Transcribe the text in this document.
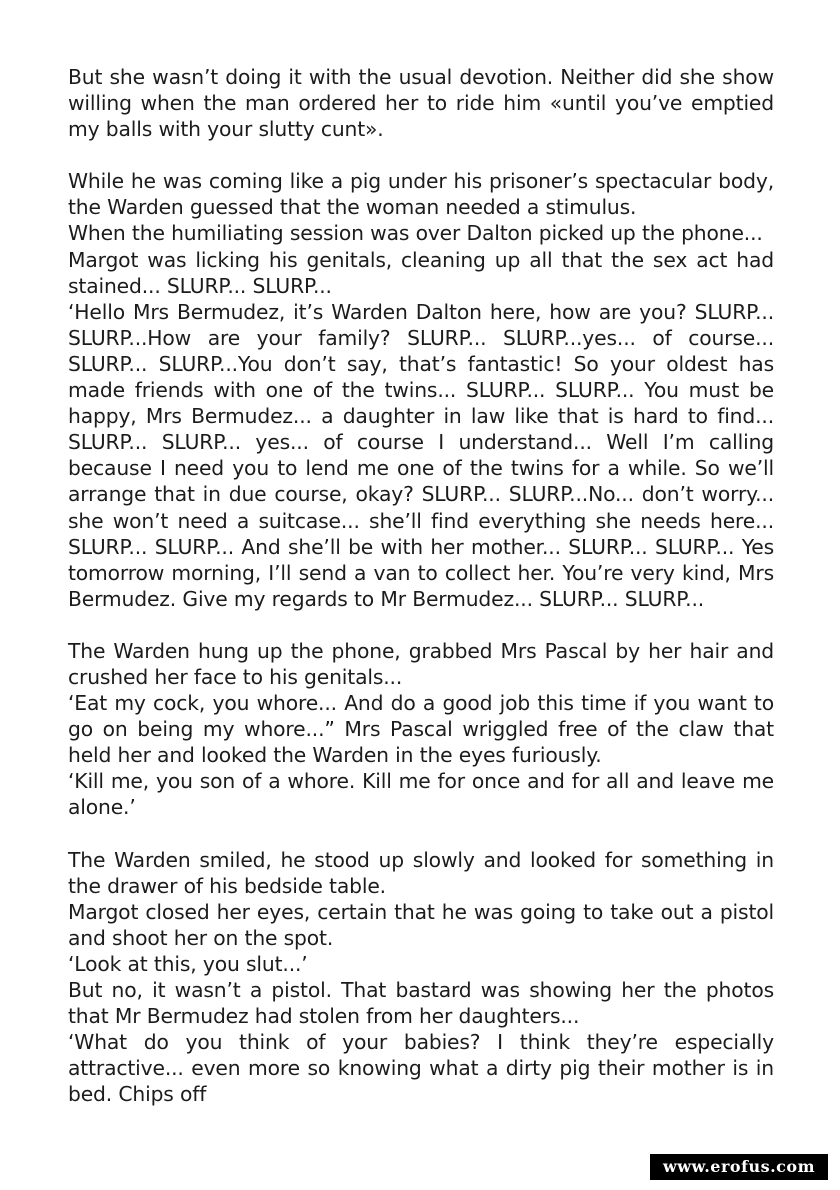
But she wasn’t doing it with the usual devotion. Neither did she show willing when the man ordered her to ride him «until you’ve emptied my balls with your slutty cunt».

While he was coming like a pig under his prisoner’s spectacular body, the Warden guessed that the woman needed a stimulus.

When the humiliating session was over Dalton picked up the phone...

Margot was licking his genitals, cleaning up all that the sex act had stained... SLURP... SLURP...

‘Hello Mrs Bermudez, it’s Warden Dalton here, how are you? SLURP... SLURP...How are your family? SLURP... SLURP...yes... of course... SLURP... SLURP...You don’t say, that’s fantastic! So your oldest has made friends with one of the twins... SLURP... SLURP... You must be happy, Mrs Bermudez... a daughter in law like that is hard to find... SLURP... SLURP... yes... of course I understand... Well I’m calling because I need you to lend me one of the twins for a while. So we’ll arrange that in due course, okay? SLURP... SLURP...No... don’t worry... she won’t need a suitcase... she’ll find everything she needs here... SLURP... SLURP... And she’ll be with her mother... SLURP... SLURP... Yes tomorrow morning, I’ll send a van to collect her. You’re very kind, Mrs Bermudez. Give my regards to Mr Bermudez... SLURP... SLURP...

The Warden hung up the phone, grabbed Mrs Pascal by her hair and crushed her face to his genitals...

‘Eat my cock, you whore... And do a good job this time if you want to go on being my whore...” Mrs Pascal wriggled free of the claw that held her and looked the Warden in the eyes furiously.

‘Kill me, you son of a whore. Kill me for once and for all and leave me alone.’

The Warden smiled, he stood up slowly and looked for something in the drawer of his bedside table.

Margot closed her eyes, certain that he was going to take out a pistol and shoot her on the spot.

‘Look at this, you slut...’

But no, it wasn’t a pistol. That bastard was showing her the photos that Mr Bermudez had stolen from her daughters...

‘What do you think of your babies? I think they’re especially attractive... even more so knowing what a dirty pig their mother is in bed. Chips off

www.erofus.com
